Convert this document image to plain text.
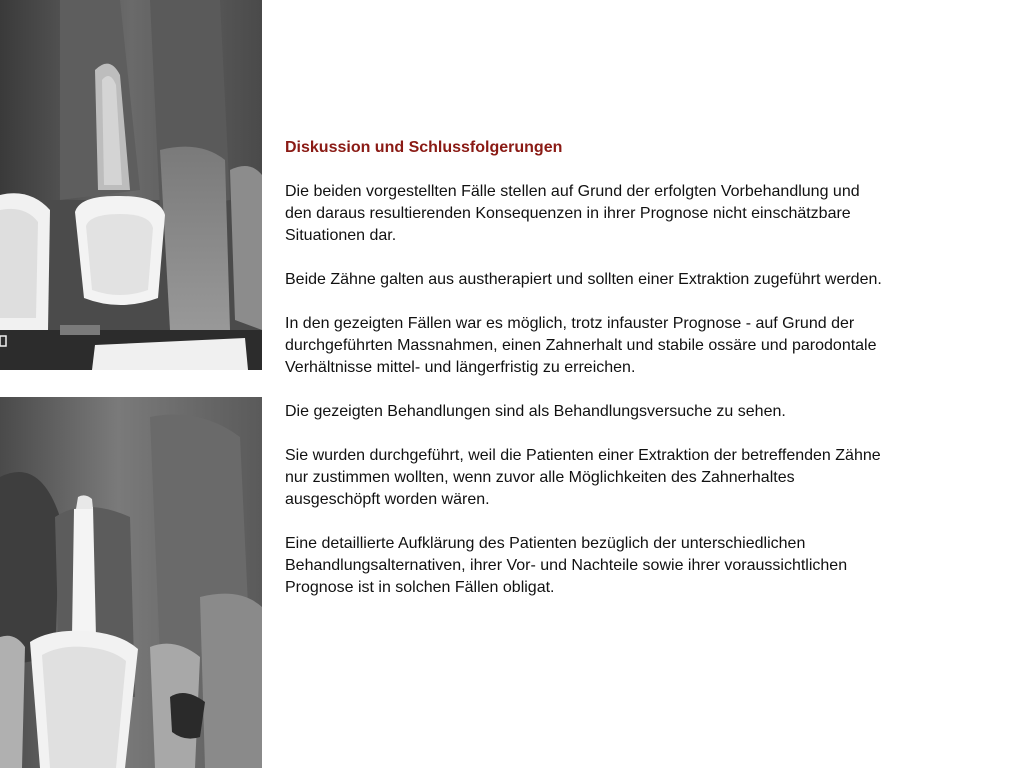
Diskussion und Schlussfolgerungen

Die beiden vorgestellten Fälle stellen auf Grund der erfolgten Vorbehandlung und
den daraus resultierenden Konsequenzen in ihrer Prognose nicht einschätzbare
Situationen dar.

Beide Zähne galten aus austherapiert und sollten einer Extraktion zugeführt werden.

In den gezeigten Fällen war es möglich, trotz infauster Prognose - auf Grund der
durchgeführten Massnahmen, einen Zahnerhalt und stabile ossäre und parodontale
Verhältnisse mittel- und längerfristig zu erreichen.

Die gezeigten Behandlungen sind als Behandlungsversuche zu sehen.

Sie wurden durchgeführt, weil die Patienten einer Extraktion der betreffenden Zähne
nur zustimmen wollten, wenn zuvor alle Möglichkeiten des Zahnerhaltes
ausgeschöpft worden wären.

Eine detaillierte Aufklärung des Patienten bezüglich der unterschiedlichen
Behandlungsalternativen, ihrer Vor- und Nachteile sowie ihrer voraussichtlichen
Prognose ist in solchen Fällen obligat.
